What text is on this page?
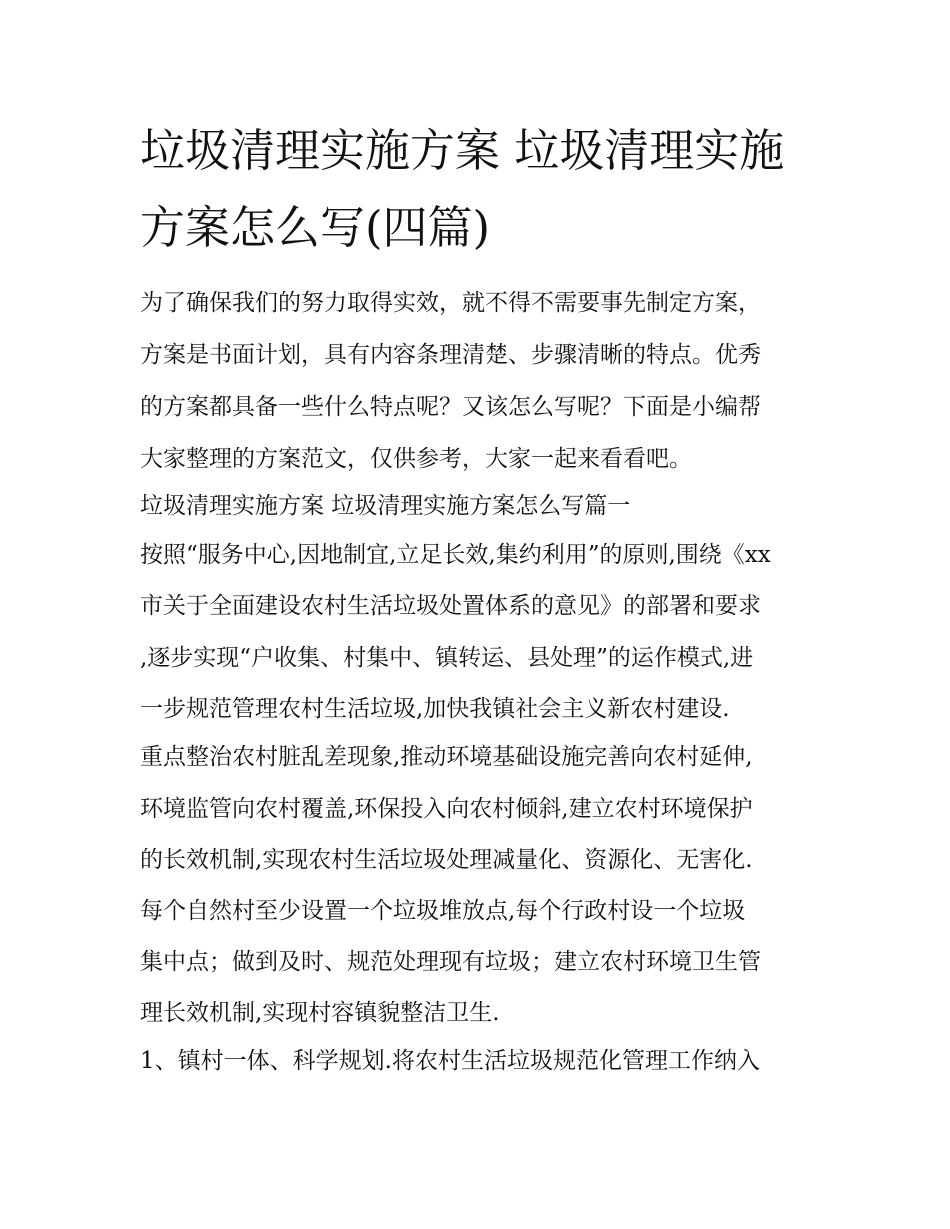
垃圾清理实施方案 垃圾清理实施方案怎么写(四篇)

为了确保我们的努力取得实效，就不得不需要事先制定方案，

方案是书面计划，具有内容条理清楚、步骤清晰的特点。优秀

的方案都具备一些什么特点呢？又该怎么写呢？下面是小编帮

大家整理的方案范文，仅供参考，大家一起来看看吧。

垃圾清理实施方案 垃圾清理实施方案怎么写篇一

按照“服务中心,因地制宜,立足长效,集约利用”的原则,围绕《xx

市关于全面建设农村生活垃圾处置体系的意见》的部署和要求

,逐步实现“户收集、村集中、镇转运、县处理”的运作模式,进

一步规范管理农村生活垃圾,加快我镇社会主义新农村建设.

重点整治农村脏乱差现象,推动环境基础设施完善向农村延伸,

环境监管向农村覆盖,环保投入向农村倾斜,建立农村环境保护

的长效机制,实现农村生活垃圾处理减量化、资源化、无害化.

每个自然村至少设置一个垃圾堆放点,每个行政村设一个垃圾

集中点；做到及时、规范处理现有垃圾；建立农村环境卫生管

理长效机制,实现村容镇貌整洁卫生.

1、镇村一体、科学规划.将农村生活垃圾规范化管理工作纳入
